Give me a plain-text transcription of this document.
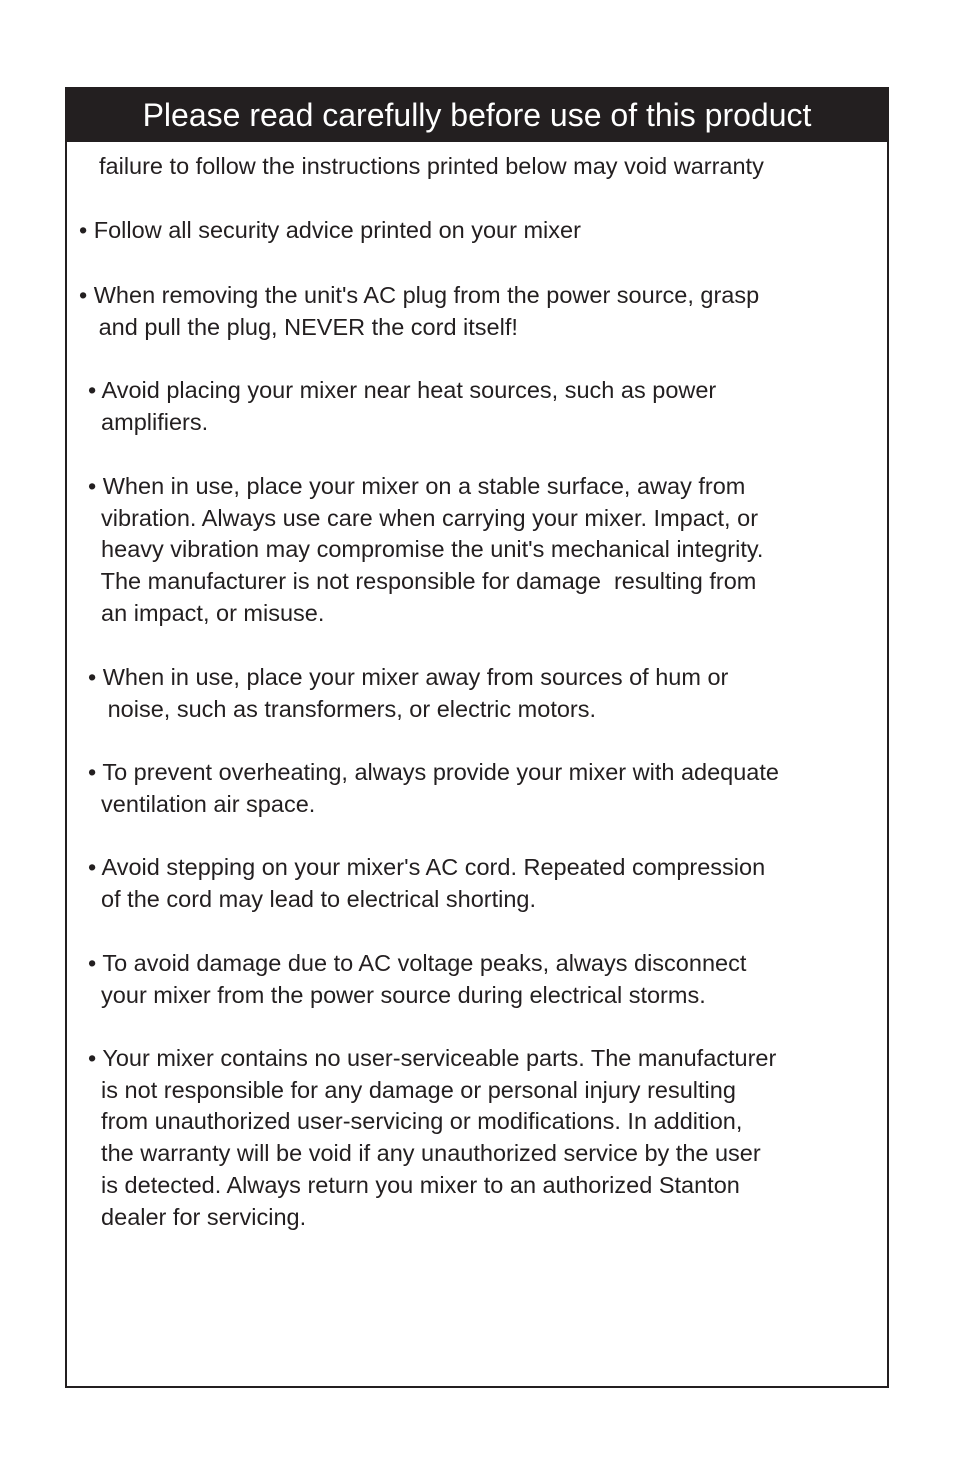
Please read carefully before use of this product
failure to follow the instructions printed below may void warranty
• Follow all security advice printed on your mixer
• When removing the unit's AC plug from the power source, grasp
and pull the plug, NEVER the cord itself!
• Avoid placing your mixer near heat sources, such as power
amplifiers.
• When in use, place your mixer on a stable surface, away from
vibration. Always use care when carrying your mixer. Impact, or
heavy vibration may compromise the unit's mechanical integrity.
The manufacturer is not responsible for damage  resulting from
an impact, or misuse.
• When in use, place your mixer away from sources of hum or
noise, such as transformers, or electric motors.
• To prevent overheating, always provide your mixer with adequate
ventilation air space.
• Avoid stepping on your mixer's AC cord. Repeated compression
of the cord may lead to electrical shorting.
• To avoid damage due to AC voltage peaks, always disconnect
your mixer from the power source during electrical storms.
• Your mixer contains no user-serviceable parts. The manufacturer
is not responsible for any damage or personal injury resulting
from unauthorized user-servicing or modifications. In addition,
the warranty will be void if any unauthorized service by the user
is detected. Always return you mixer to an authorized Stanton
dealer for servicing.
